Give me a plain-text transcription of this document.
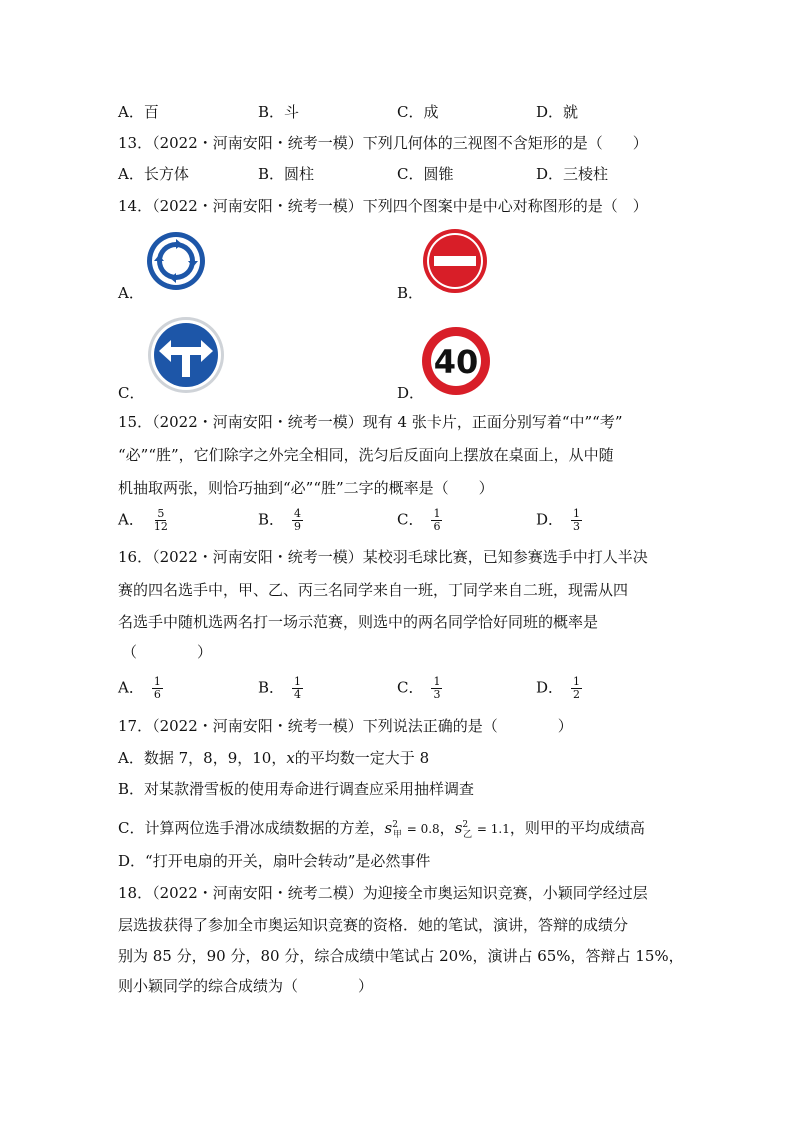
A．百	B．斗	C．成	D．就
13．（2022・河南安阳・统考一模）下列几何体的三视图不含矩形的是（　　）
A．长方体	B．圆柱	C．圆锥	D．三棱柱
14．（2022・河南安阳・统考一模）下列四个图案中是中心对称图形的是（　）
A．	B．
C．
40
D．
15．（2022・河南安阳・统考一模）现有 4 张卡片，正面分别写着“中”“考”
“必”“胜”，它们除字之外完全相同，洗匀后反面向上摆放在桌面上，从中随
机抽取两张，则恰巧抽到“必”“胜”二字的概率是（　　）
A． $\frac{5}{12}$	B． $\frac{4}{9}$	C． $\frac{1}{6}$	D． $\frac{1}{3}$
16．（2022・河南安阳・统考一模）某校羽毛球比赛，已知参赛选手中打人半决
赛的四名选手中，甲、乙、丙三名同学来自一班，丁同学来自二班，现需从四
名选手中随机选两名打一场示范赛，则选中的两名同学恰好同班的概率是
（　　　　）
A． $\frac{1}{6}$	B． $\frac{1}{4}$	C． $\frac{1}{3}$	D． $\frac{1}{2}$
17．（2022・河南安阳・统考一模）下列说法正确的是（　　　　）
A．数据 7，8，9，10，x的平均数一定大于 8
B．对某款滑雪板的使用寿命进行调查应采用抽样调查
C．计算两位选手滑冰成绩数据的方差，$s^2_甲 = 0.8$，$s^2_乙 = 1.1$，则甲的平均成绩高
D．“打开电扇的开关，扇叶会转动”是必然事件
18．（2022・河南安阳・统考二模）为迎接全市奥运知识竞赛，小颖同学经过层
层选拔获得了参加全市奥运知识竞赛的资格．她的笔试，演讲，答辩的成绩分
别为 85 分，90 分，80 分，综合成绩中笔试占 20%，演讲占 65%，答辩占 15%，
则小颖同学的综合成绩为（　　　　）
